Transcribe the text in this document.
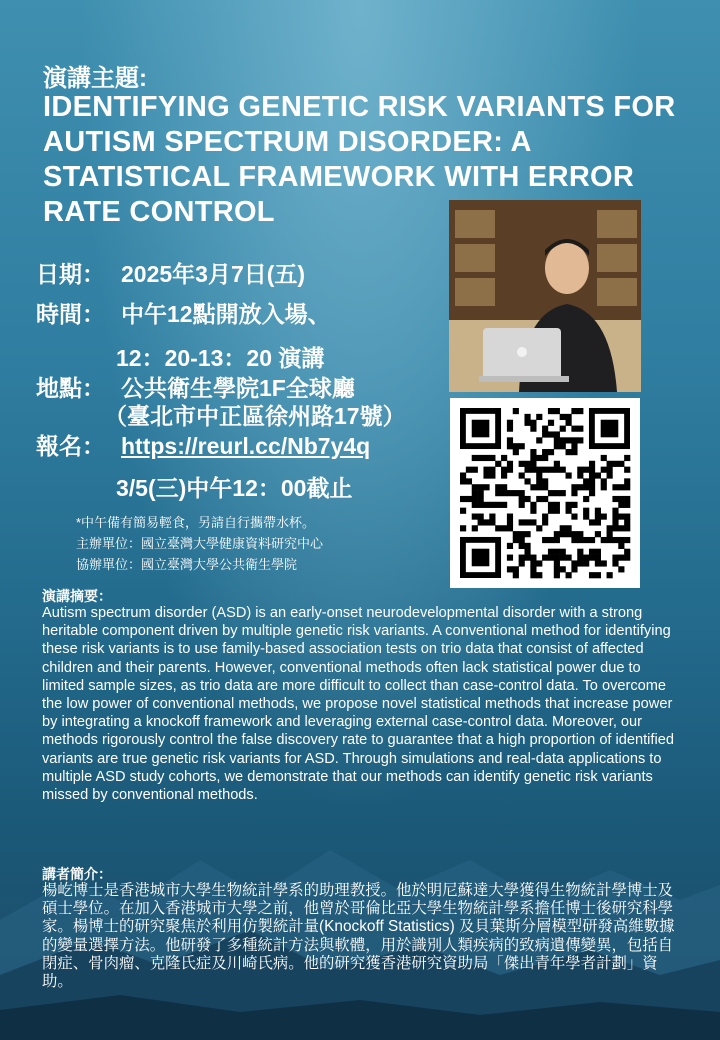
演講主題:
IDENTIFYING GENETIC RISK VARIANTS FOR AUTISM SPECTRUM DISORDER: A STATISTICAL FRAMEWORK WITH ERROR RATE CONTROL
日期： 2025年3月7日(五)
時間： 中午12點開放入場、
12：20-13：20 演講
地點： 公共衛生學院1F全球廳
（臺北市中正區徐州路17號）
報名： https://reurl.cc/Nb7y4q
3/5(三)中午12：00截止
*中午備有簡易輕食，另請自行攜帶水杯。
主辦單位：國立臺灣大學健康資料研究中心
協辦單位：國立臺灣大學公共衛生學院
演講摘要：
Autism spectrum disorder (ASD) is an early-onset neurodevelopmental disorder with a strong heritable component driven by multiple genetic risk variants. A conventional method for identifying these risk variants is to use family-based association tests on trio data that consist of affected children and their parents. However, conventional methods often lack statistical power due to limited sample sizes, as trio data are more difficult to collect than case-control data. To overcome the low power of conventional methods, we propose novel statistical methods that increase power by integrating a knockoff framework and leveraging external case-control data. Moreover, our methods rigorously control the false discovery rate to guarantee that a high proportion of identified variants are true genetic risk variants for ASD. Through simulations and real-data applications to multiple ASD study cohorts, we demonstrate that our methods can identify genetic risk variants missed by conventional methods.
講者簡介：
楊屹博士是香港城市大學生物統計學系的助理教授。他於明尼蘇達大學獲得生物統計學博士及碩士學位。在加入香港城市大學之前，他曾於哥倫比亞大學生物統計學系擔任博士後研究科學家。楊博士的研究聚焦於利用仿製統計量(Knockoff Statistics) 及貝葉斯分層模型研發高維數據的變量選擇方法。他研發了多種統計方法與軟體，用於識別人類疾病的致病遺傳變異，包括自閉症、骨肉瘤、克隆氏症及川崎氏病。他的研究獲香港研究資助局「傑出青年學者計劃」資助。
